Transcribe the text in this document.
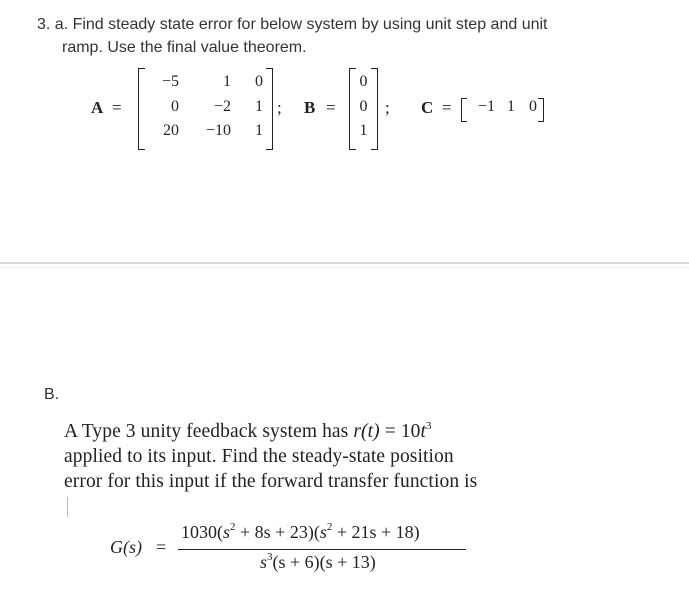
3. a. Find steady state error for below system by using unit step and unit
ramp. Use the final value theorem.
A =
−5	1	0
0	−2	1
20	−10	1
; B =
0
0
1
; C =	−1 1 0
B.
A Type 3 unity feedback system has $r(t) = 10t^3$
applied to its input. Find the steady-state position
error for this input if the forward transfer function is
G(s) =
$1030(s^2 + 8s + 23)(s^2 + 21s + 18)$
$s^3(s + 6)(s + 13)$
